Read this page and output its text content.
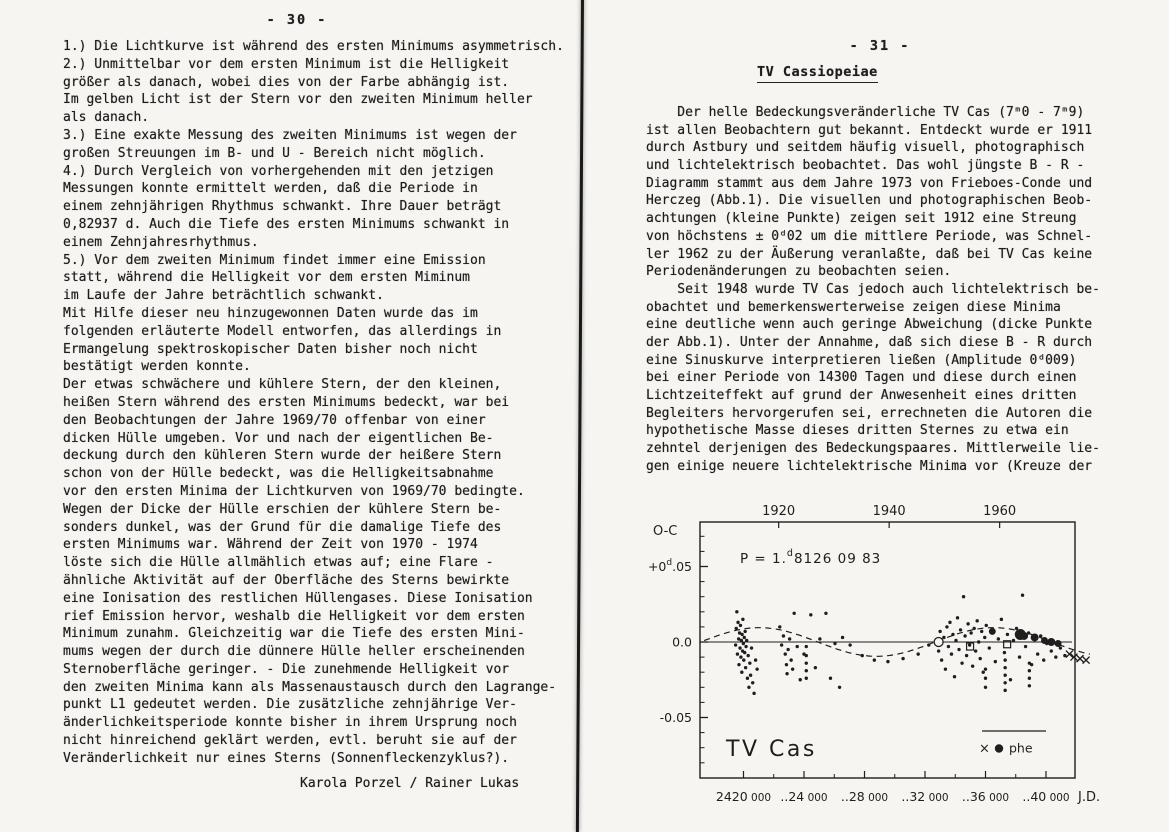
- 30 -
1.) Die Lichtkurve ist während des ersten Minimums asymmetrisch.
2.) Unmittelbar vor dem ersten Minimum ist die Helligkeit
größer als danach, wobei dies von der Farbe abhängig ist.
Im gelben Licht ist der Stern vor den zweiten Minimum heller
als danach.
3.) Eine exakte Messung des zweiten Minimums ist wegen der
großen Streuungen im B- und U - Bereich nicht möglich.
4.) Durch Vergleich von vorhergehenden mit den jetzigen
Messungen konnte ermittelt werden, daß die Periode in
einem zehnjährigen Rhythmus schwankt. Ihre Dauer beträgt
0,82937 d. Auch die Tiefe des ersten Minimums schwankt in
einem Zehnjahresrhythmus.
5.) Vor dem zweiten Minimum findet immer eine Emission
statt, während die Helligkeit vor dem ersten Miminum
im Laufe der Jahre beträchtlich schwankt.
Mit Hilfe dieser neu hinzugewonnen Daten wurde das im
folgenden erläuterte Modell entworfen, das allerdings in
Ermangelung spektroskopischer Daten bisher noch nicht
bestätigt werden konnte.
Der etwas schwächere und kühlere Stern, der den kleinen,
heißen Stern während des ersten Minimums bedeckt, war bei
den Beobachtungen der Jahre 1969/70 offenbar von einer
dicken Hülle umgeben. Vor und nach der eigentlichen Be-
deckung durch den kühleren Stern wurde der heißere Stern
schon von der Hülle bedeckt, was die Helligkeitsabnahme
vor den ersten Minima der Lichtkurven von 1969/70 bedingte.
Wegen der Dicke der Hülle erschien der kühlere Stern be-
sonders dunkel, was der Grund für die damalige Tiefe des
ersten Minimums war. Während der Zeit von 1970 - 1974
löste sich die Hülle allmählich etwas auf; eine Flare -
ähnliche Aktivität auf der Oberfläche des Sterns bewirkte
eine Ionisation des restlichen Hüllengases. Diese Ionisation
rief Emission hervor, weshalb die Helligkeit vor dem ersten
Minimum zunahm. Gleichzeitig war die Tiefe des ersten Mini-
mums wegen der durch die dünnere Hülle heller erscheinenden
Sternoberfläche geringer. - Die zunehmende Helligkeit vor
den zweiten Minima kann als Massenaustausch durch den Lagrange-
punkt L1 gedeutet werden. Die zusätzliche zehnjährige Ver-
änderlichkeitsperiode konnte bisher in ihrem Ursprung noch
nicht hinreichend geklärt werden, evtl. beruht sie auf der
Veränderlichkeit nur eines Sterns (Sonnenfleckenzyklus?).
Karola Porzel / Rainer Lukas
- 31 -
TV Cassiopeiae
Der helle Bedeckungsveränderliche TV Cas (7ᵐ0 - 7ᵐ9)
ist allen Beobachtern gut bekannt. Entdeckt wurde er 1911
durch Astbury und seitdem häufig visuell, photographisch
und lichtelektrisch beobachtet. Das wohl jüngste B - R -
Diagramm stammt aus dem Jahre 1973 von Frieboes-Conde und
Herczeg (Abb.1). Die visuellen und photographischen Beob-
achtungen (kleine Punkte) zeigen seit 1912 eine Streung
von höchstens ± 0ᵈ02 um die mittlere Periode, was Schnel-
ler 1962 zu der Äußerung veranlaßte, daß bei TV Cas keine
Periodenänderungen zu beobachten seien.
Seit 1948 wurde TV Cas jedoch auch lichtelektrisch be-
obachtet und bemerkenswerterweise zeigen diese Minima
eine deutliche wenn auch geringe Abweichung (dicke Punkte
der Abb.1). Unter der Annahme, daß sich diese B - R durch
eine Sinuskurve interpretieren ließen (Amplitude 0ᵈ009)
bei einer Periode von 14300 Tagen und diese durch einen
Lichtzeiteffekt auf grund der Anwesenheit eines dritten
Begleiters hervorgerufen sei, errechneten die Autoren die
hypothetische Masse dieses dritten Sternes zu etwa ein
zehntel derjenigen des Bedeckungspaares. Mittlerweile lie-
gen einige neuere lichtelektrische Minima vor (Kreuze der
$+0^d.05$
0.0
-0.05
O-C
1920	1940	1960
2420 000 ..24 000 ..28 000 ..32 000 ..36 000 ..40 000 J.D.
P = 1.$^d$8126 09 83
TV Cas	× phe
